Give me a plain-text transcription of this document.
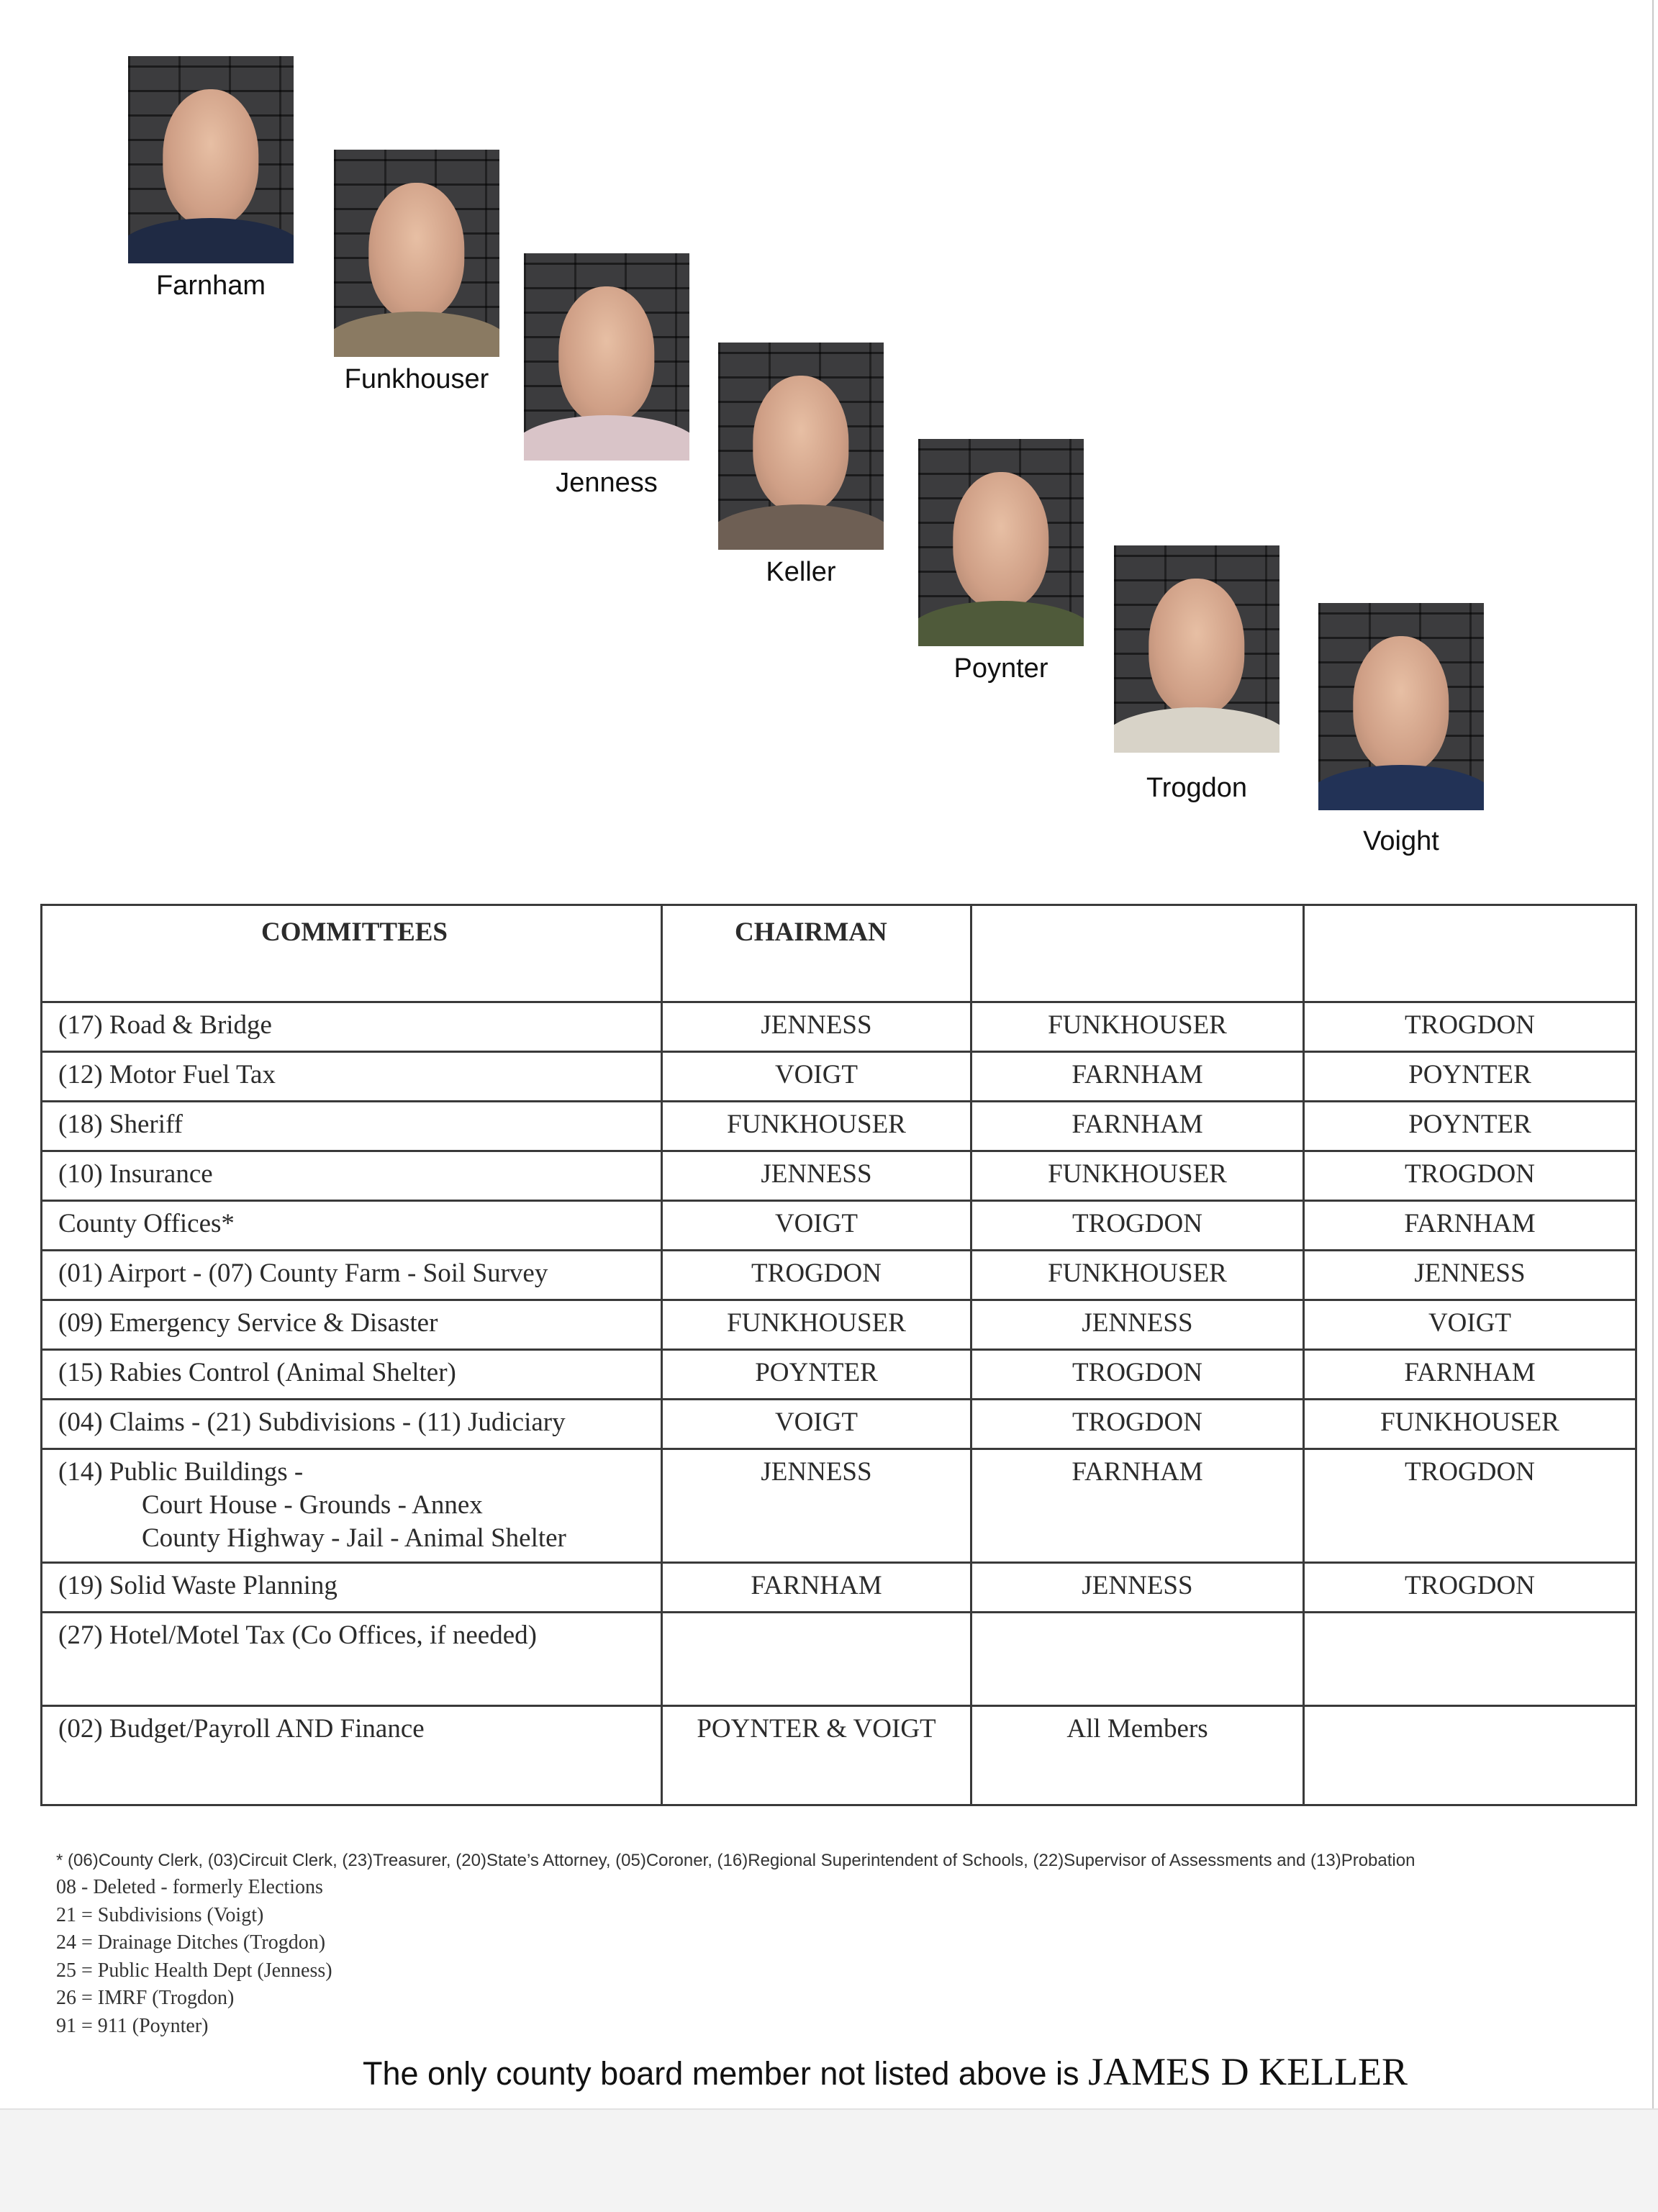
Farnham
Funkhouser
Jenness
Keller
Poynter
Trogdon
Voight
COMMITTEES	CHAIRMAN		
(17) Road & Bridge	JENNESS	FUNKHOUSER	TROGDON
(12) Motor Fuel Tax	VOIGT	FARNHAM	POYNTER
(18) Sheriff	FUNKHOUSER	FARNHAM	POYNTER
(10) Insurance	JENNESS	FUNKHOUSER	TROGDON
County Offices*	VOIGT	TROGDON	FARNHAM
(01) Airport - (07) County Farm - Soil Survey	TROGDON	FUNKHOUSER	JENNESS
(09) Emergency Service & Disaster	FUNKHOUSER	JENNESS	VOIGT
(15) Rabies Control (Animal Shelter)	POYNTER	TROGDON	FARNHAM
(04) Claims - (21) Subdivisions - (11) Judiciary	VOIGT	TROGDON	FUNKHOUSER
(14) Public Buildings -
Court House - Grounds - Annex
County Highway - Jail - Animal Shelter	JENNESS	FARNHAM	TROGDON
(19) Solid Waste Planning	FARNHAM	JENNESS	TROGDON
(27) Hotel/Motel Tax (Co Offices, if needed)			
(02) Budget/Payroll AND Finance	POYNTER & VOIGT	All Members	
* (06)County Clerk, (03)Circuit Clerk, (23)Treasurer, (20)State’s Attorney, (05)Coroner, (16)Regional Superintendent of Schools, (22)Supervisor of Assessments and (13)Probation
08 - Deleted - formerly Elections
21 = Subdivisions (Voigt)
24 = Drainage Ditches (Trogdon)
25 = Public Health Dept (Jenness)
26 = IMRF (Trogdon)
91 = 911 (Poynter)
The only county board member not listed above is JAMES D KELLER
